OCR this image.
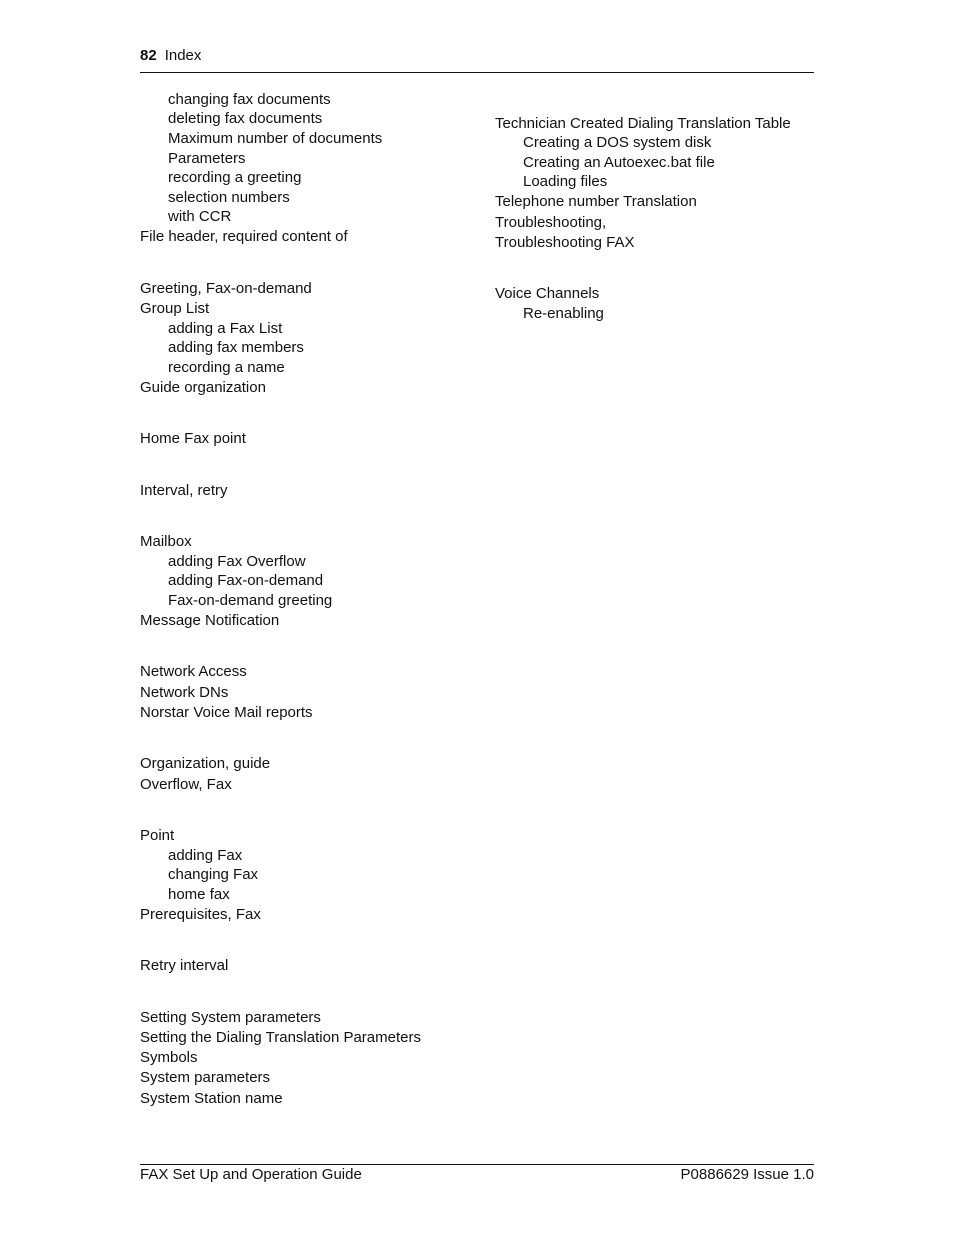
82 Index
changing fax documents
deleting fax documents
Maximum number of documents
Parameters
recording a greeting
selection numbers
with CCR
File header, required content of
Greeting, Fax-on-demand
Group List
adding a Fax List
adding fax members
recording a name
Guide organization
Home Fax point
Interval, retry
Mailbox
adding Fax Overflow
adding Fax-on-demand
Fax-on-demand greeting
Message Notification
Network Access
Network DNs
Norstar Voice Mail reports
Organization, guide
Overflow, Fax
Point
adding Fax
changing Fax
home fax
Prerequisites, Fax
Retry interval
Setting System parameters
Setting the Dialing Translation Parameters
Symbols
System parameters
System Station name
Technician Created Dialing Translation Table
Creating a DOS system disk
Creating an Autoexec.bat file
Loading files
Telephone number Translation
Troubleshooting,
Troubleshooting FAX
Voice Channels
Re-enabling
FAX Set Up and Operation Guide	P0886629 Issue 1.0
